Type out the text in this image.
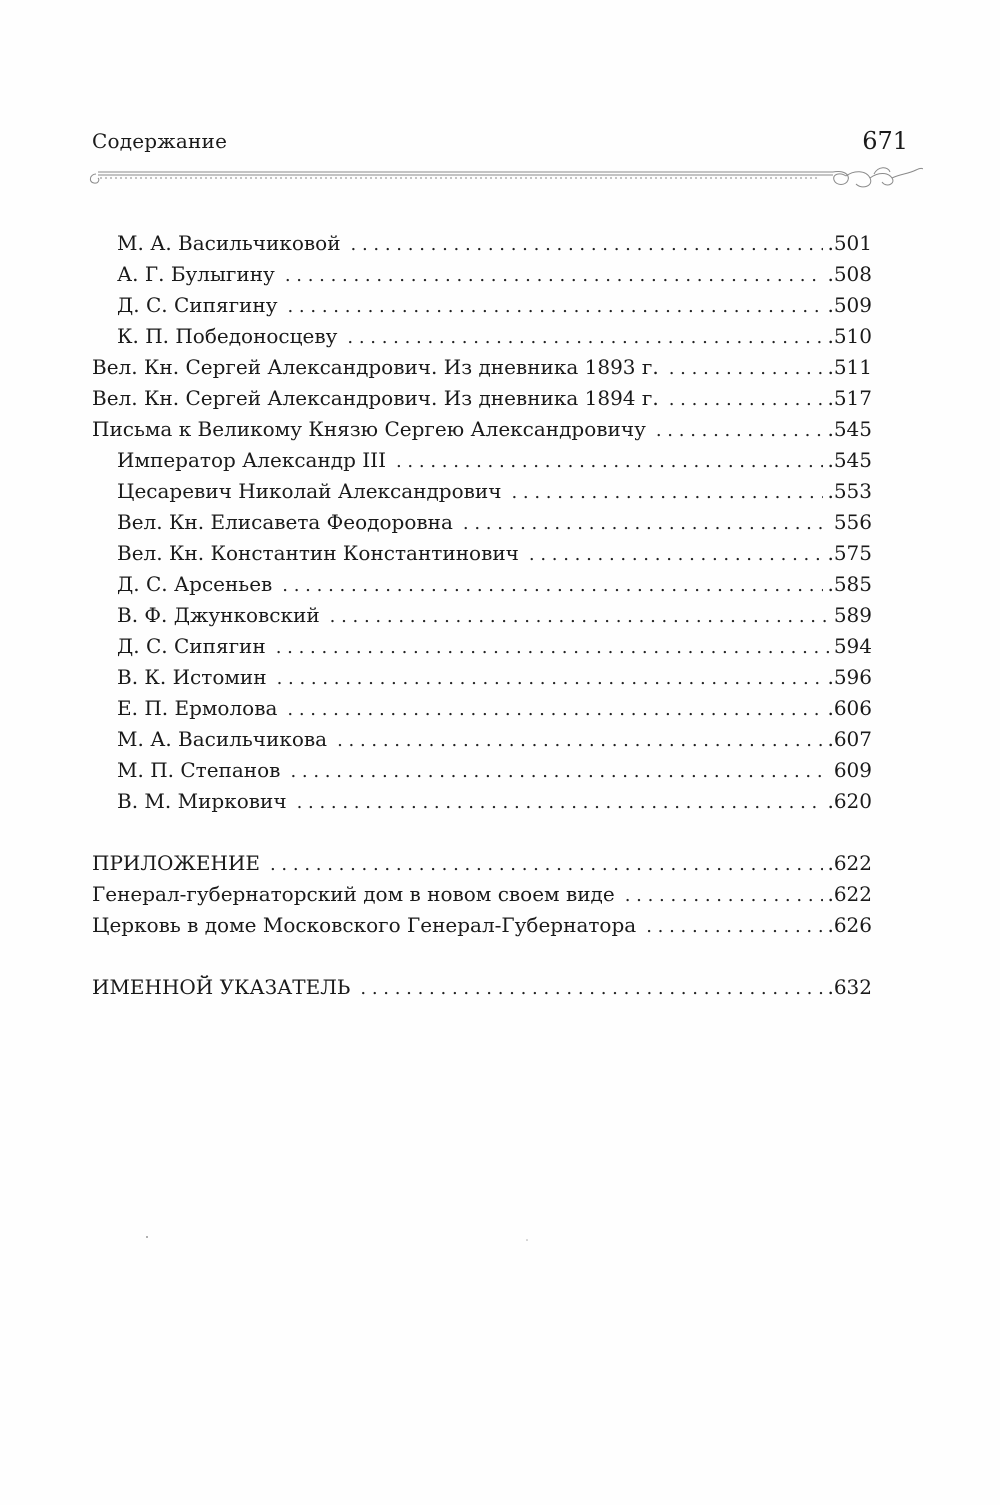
Содержание	671
М. А. Васильчиковой . . .	.501
А. Г. Булыгину . . .	.508
Д. С. Сипягину . . .	.509
К. П. Победоносцеву . . .	.510
Вел. Кн. Сергей Александрович. Из дневника 1893 г. . . .	.511
Вел. Кн. Сергей Александрович. Из дневника 1894 г. . . .	.517
Письма к Великому Князю Сергею Александровичу . . .	.545
Император Александр III . . .	.545
Цесаревич Николай Александрович . . .	.553
Вел. Кн. Елисавета Феодоровна . . .	556
Вел. Кн. Константин Константинович . . .	.575
Д. С. Арсеньев . . .	.585
В. Ф. Джунковский . . .	589
Д. С. Сипягин . . .	594
В. К. Истомин . . .	.596
Е. П. Ермолова . . .	.606
М. А. Васильчикова . . .	.607
М. П. Степанов . . .	609
В. М. Миркович . . .	.620
ПРИЛОЖЕНИЕ . . .	.622
Генерал-губернаторский дом в новом своем виде . . .	.622
Церковь в доме Московского Генерал-Губернатора . . .	.626
ИМЕННОЙ УКАЗАТЕЛЬ . . .	.632
